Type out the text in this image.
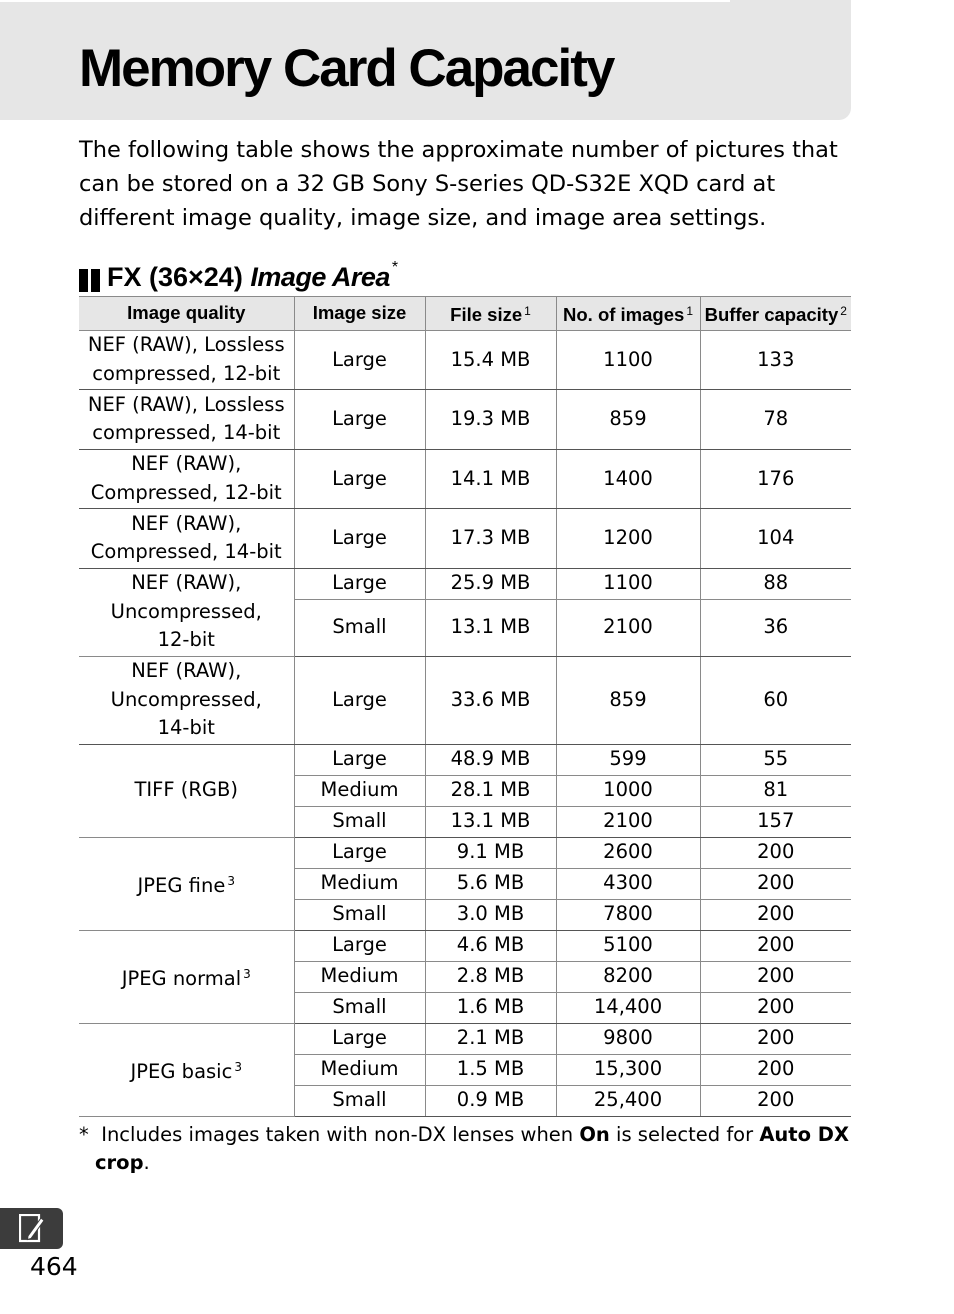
Memory Card Capacity

The following table shows the approximate number of pictures that can be stored on a 32 GB Sony S-series QD-S32E XQD card at different image quality, image size, and image area settings.

FX (36×24) Image Area *
Image quality	Image size	File size $^1$	No. of images $^1$	Buffer capacity $^2$
NEF (RAW), Lossless
compressed, 12-bit	Large	15.4 MB	1100	133
NEF (RAW), Lossless
compressed, 14-bit	Large	19.3 MB	859	78
NEF (RAW),
Compressed, 12-bit	Large	14.1 MB	1400	176
NEF (RAW),
Compressed, 14-bit	Large	17.3 MB	1200	104
NEF (RAW),
Uncompressed,
12-bit	Large	25.9 MB	1100	88
	Small	13.1 MB	2100	36
NEF (RAW),
Uncompressed,
14-bit	Large	33.6 MB	859	60
TIFF (RGB)	Large	48.9 MB	599	55
	Medium	28.1 MB	1000	81
	Small	13.1 MB	2100	157
JPEG fine $^3$	Large	9.1 MB	2600	200
	Medium	5.6 MB	4300	200
	Small	3.0 MB	7800	200
JPEG normal $^3$	Large	4.6 MB	5100	200
	Medium	2.8 MB	8200	200
	Small	1.6 MB	14,400	200
JPEG basic $^3$	Large	2.1 MB	9800	200
	Medium	1.5 MB	15,300	200
	Small	0.9 MB	25,400	200

* Includes images taken with non-DX lenses when On is selected for Auto DX
crop.

464
